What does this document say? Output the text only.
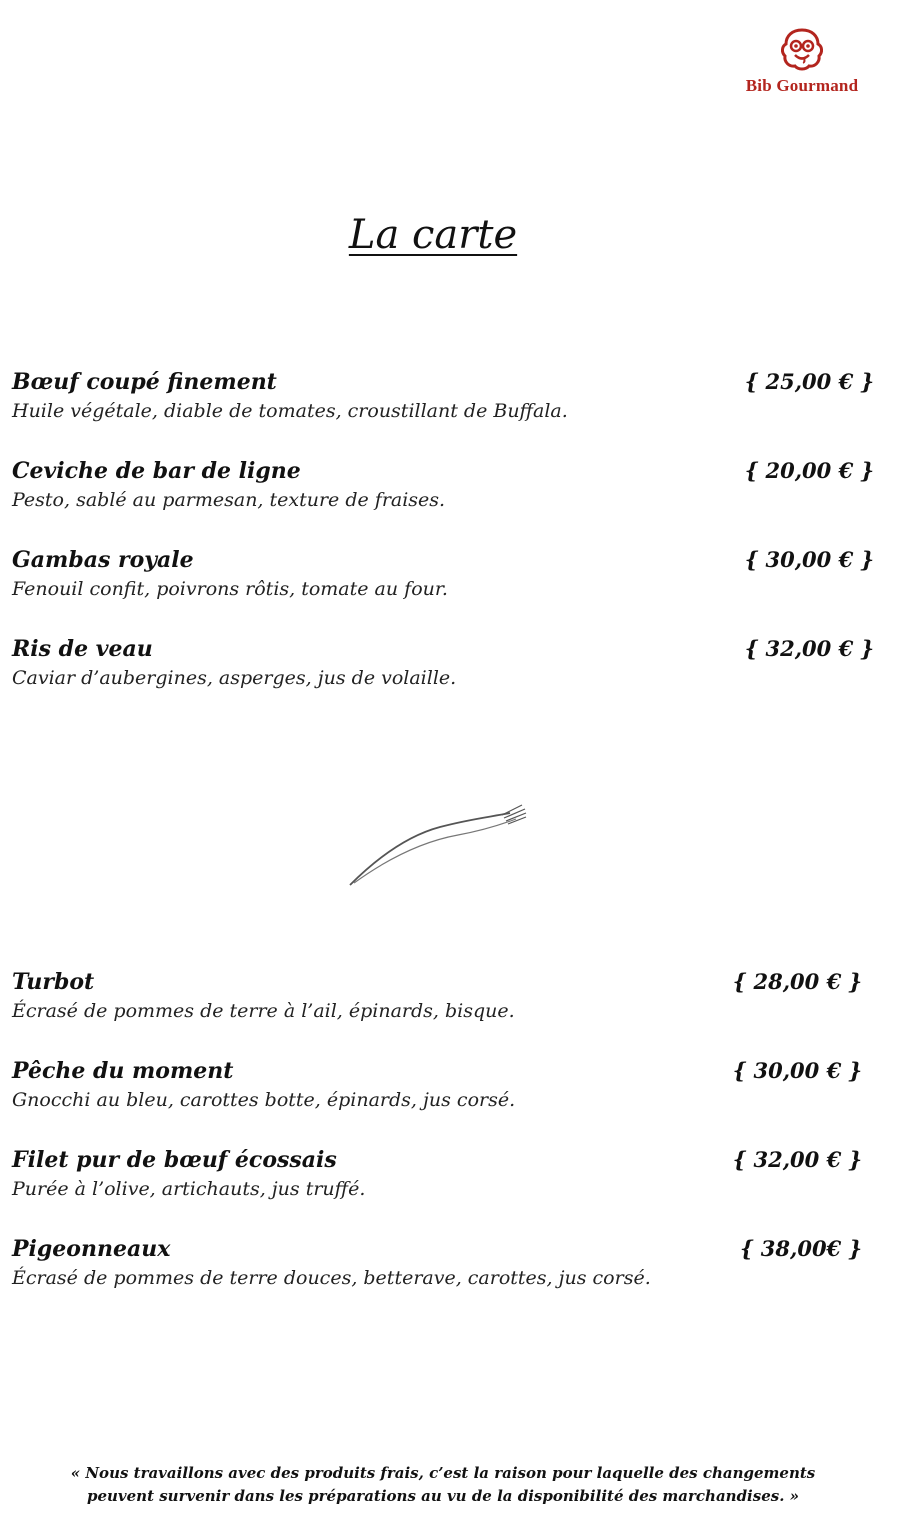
Bib Gourmand
La carte
Bœuf coupé finement	{ 25,00 € }
Huile végétale, diable de tomates, croustillant de Buffala.
Ceviche de bar de ligne	{ 20,00 € }
Pesto, sablé au parmesan, texture de fraises.
Gambas royale	{ 30,00 € }
Fenouil confit, poivrons rôtis, tomate au four.
Ris de veau	{ 32,00 € }
Caviar d’aubergines, asperges, jus de volaille.
Turbot	{ 28,00 € }
Écrasé de pommes de terre à l’ail, épinards, bisque.
Pêche du moment	{ 30,00 € }
Gnocchi au bleu, carottes botte, épinards, jus corsé.
Filet pur de bœuf écossais	{ 32,00 € }
Purée à l’olive, artichauts, jus truffé.
Pigeonneaux	{ 38,00€ }
Écrasé de pommes de terre douces, betterave, carottes, jus corsé.
« Nous travaillons avec des produits frais, c’est la raison pour laquelle des changements
peuvent survenir dans les préparations au vu de la disponibilité des marchandises. »
